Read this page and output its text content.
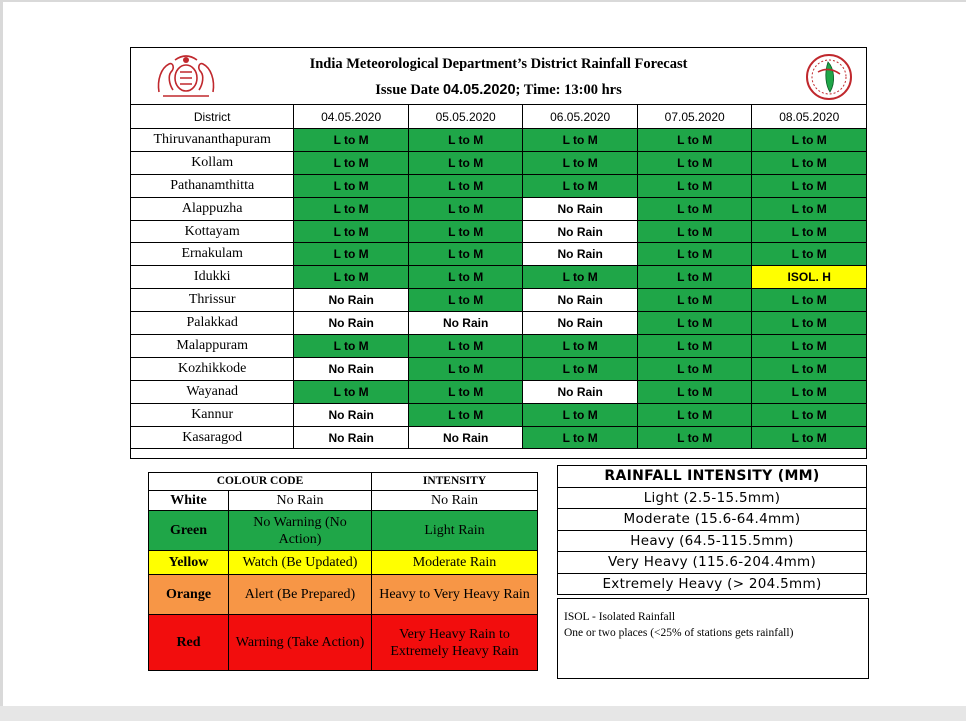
India Meteorological Department’s District Rainfall Forecast
Issue Date 04.05.2020; Time: 13:00 hrs
District	04.05.2020	05.05.2020	06.05.2020	07.05.2020	08.05.2020
Thiruvananthapuram	L to M	L to M	L to M	L to M	L to M
Kollam	L to M	L to M	L to M	L to M	L to M
Pathanamthitta	L to M	L to M	L to M	L to M	L to M
Alappuzha	L to M	L to M	No Rain	L to M	L to M
Kottayam	L to M	L to M	No Rain	L to M	L to M
Ernakulam	L to M	L to M	No Rain	L to M	L to M
Idukki	L to M	L to M	L to M	L to M	ISOL. H
Thrissur	No Rain	L to M	No Rain	L to M	L to M
Palakkad	No Rain	No Rain	No Rain	L to M	L to M
Malappuram	L to M	L to M	L to M	L to M	L to M
Kozhikkode	No Rain	L to M	L to M	L to M	L to M
Wayanad	L to M	L to M	No Rain	L to M	L to M
Kannur	No Rain	L to M	L to M	L to M	L to M
Kasaragod	No Rain	No Rain	L to M	L to M	L to M
COLOUR CODE		INTENSITY
White	No Rain	No Rain
Green	No Warning (No Action)	Light Rain
Yellow	Watch (Be Updated)	Moderate Rain
Orange	Alert (Be Prepared)	Heavy to Very Heavy Rain
Red	Warning (Take Action)	Very Heavy Rain to Extremely Heavy Rain
RAINFALL INTENSITY (MM)
Light (2.5-15.5mm)
Moderate (15.6-64.4mm)
Heavy (64.5-115.5mm)
Very Heavy (115.6-204.4mm)
Extremely Heavy (> 204.5mm)
ISOL - Isolated Rainfall
One or two places (<25% of stations gets rainfall)
